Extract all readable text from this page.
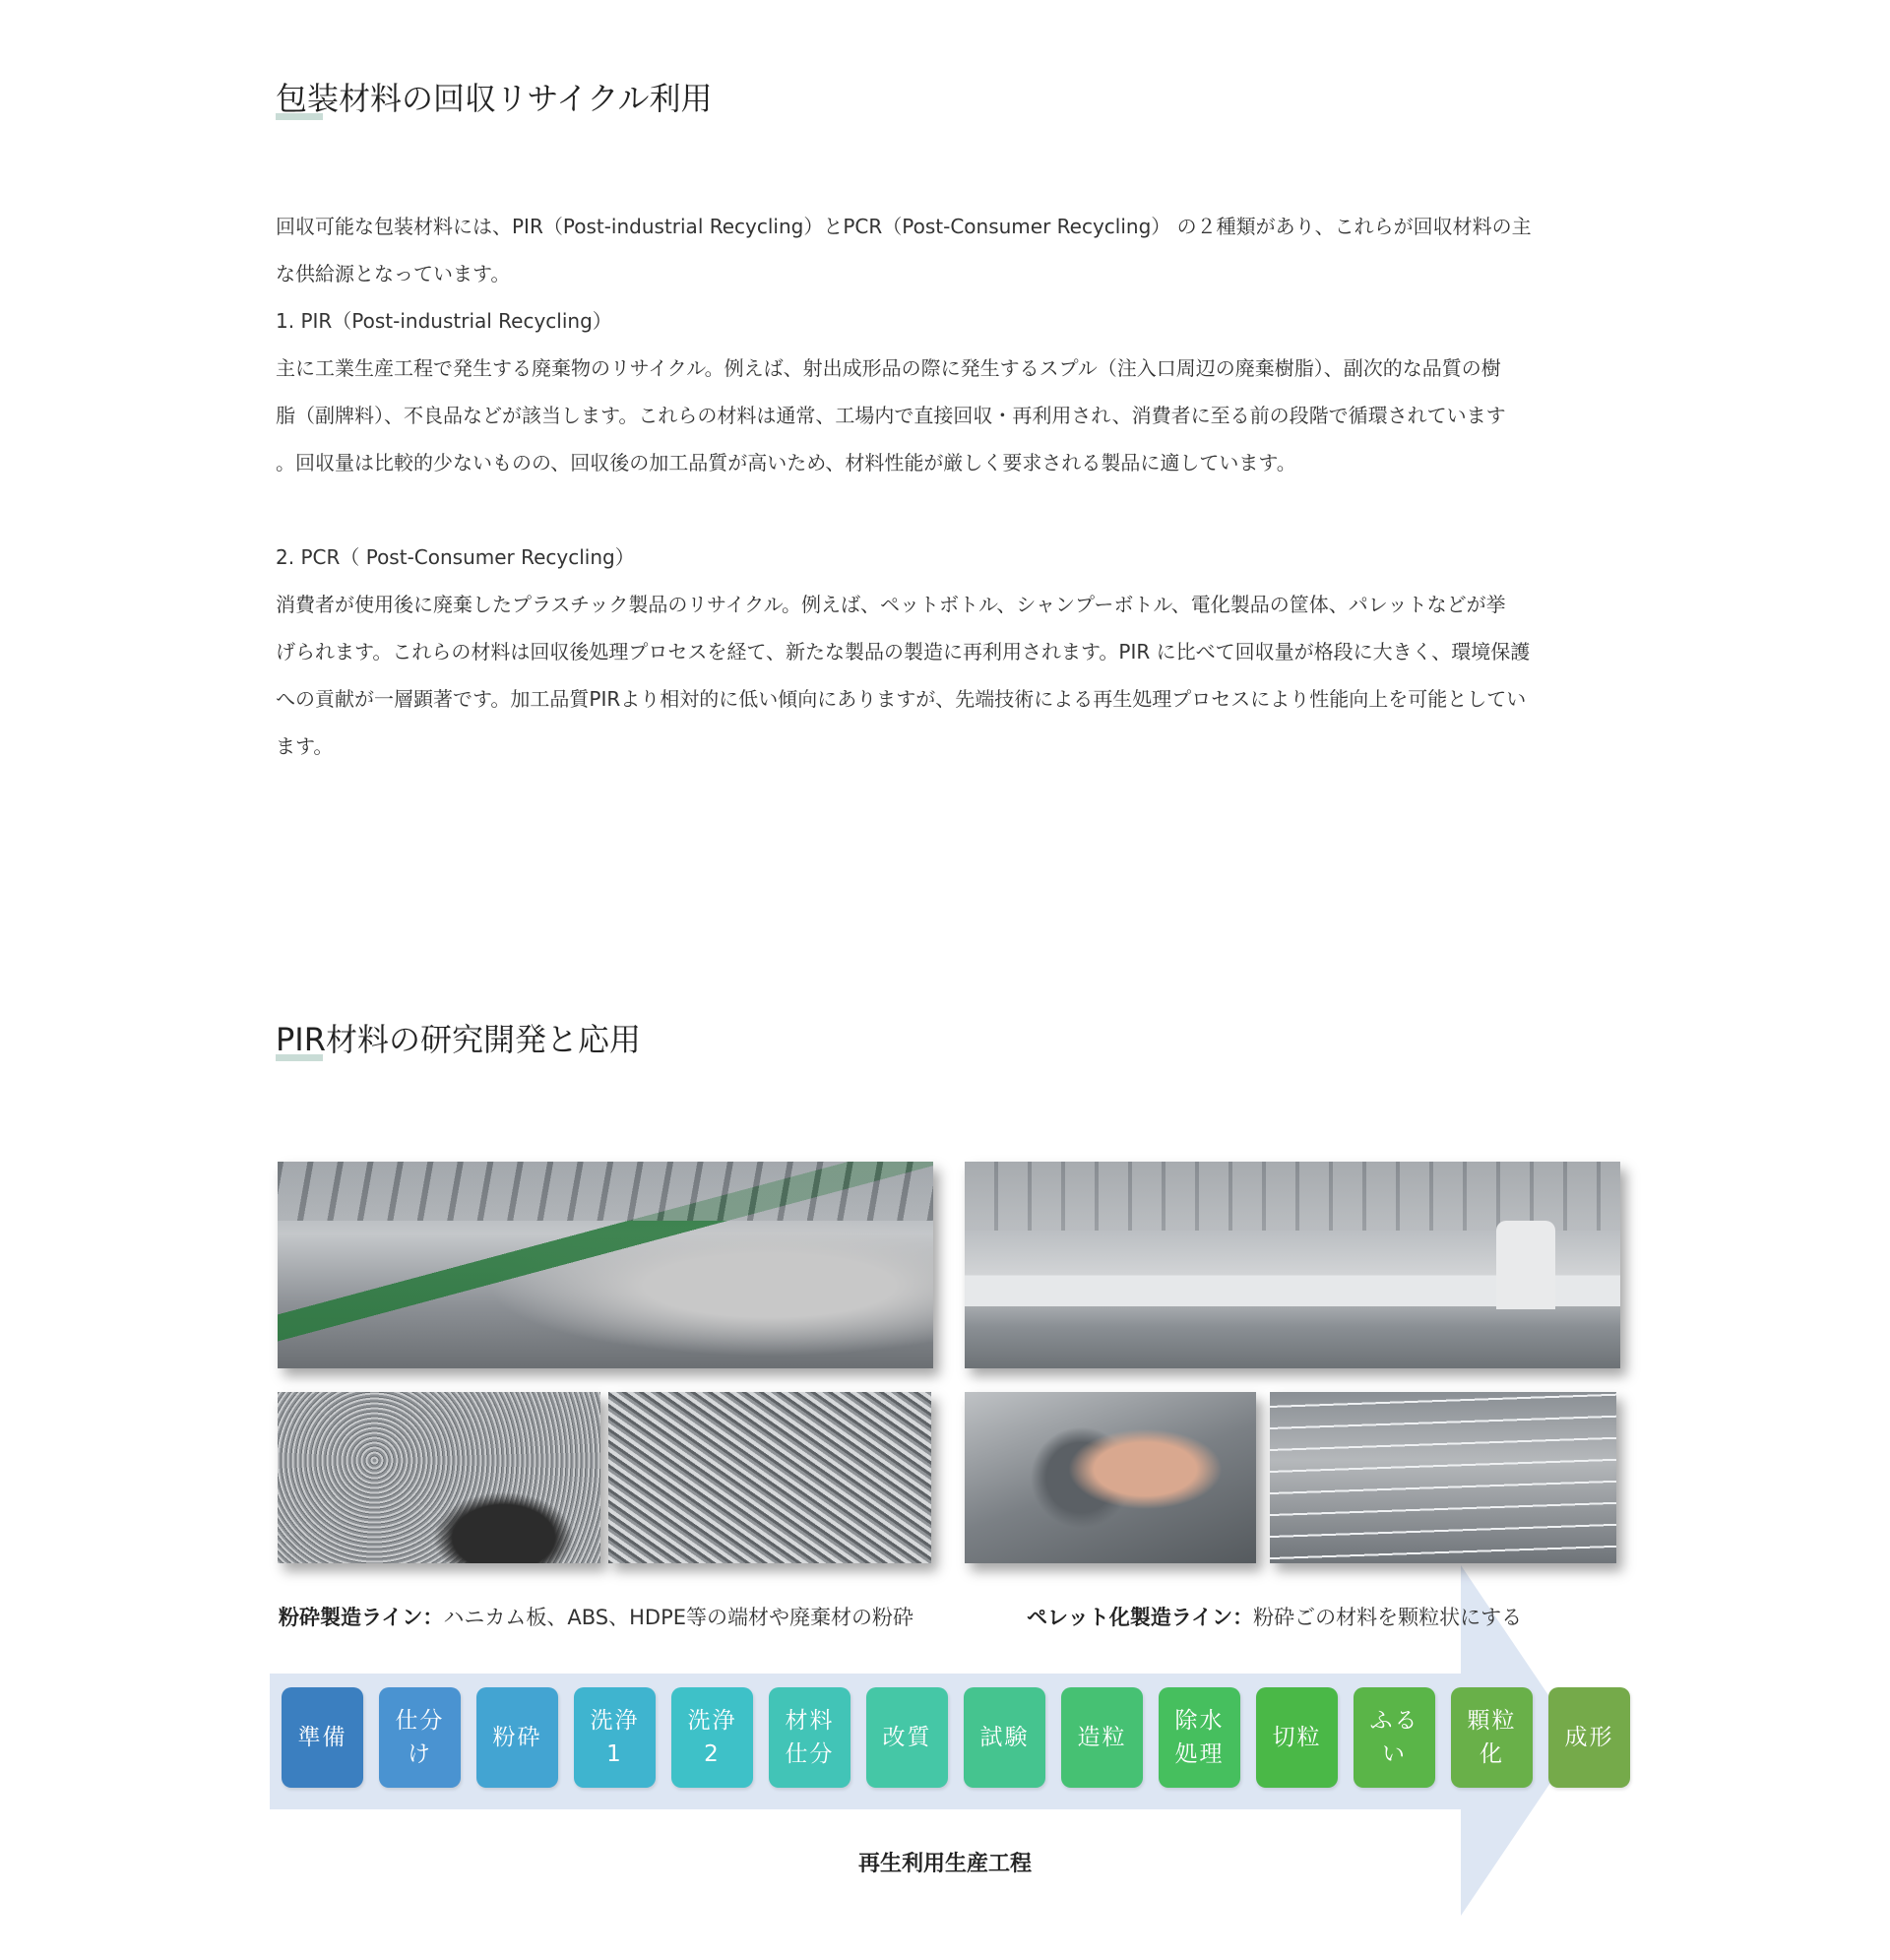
包装材料の回収リサイクル利用

回収可能な包装材料には、PIR（Post-industrial Recycling）とPCR（Post-Consumer Recycling） の２種類があり、これらが回収材料の主

な供給源となっています。

1. PIR（Post-industrial Recycling）

主に工業生産工程で発生する廃棄物のリサイクル。例えば、射出成形品の際に発生するスプル（注入口周辺の廃棄樹脂）、副次的な品質の樹

脂（副牌料）、不良品などが該当します。これらの材料は通常、工場内で直接回収・再利用され、消費者に至る前の段階で循環されています

。回収量は比較的少ないものの、回収後の加工品質が高いため、材料性能が厳しく要求される製品に適しています。

2. PCR（ Post-Consumer Recycling）

消費者が使用後に廃棄したプラスチック製品のリサイクル。例えば、ペットボトル、シャンプーボトル、電化製品の筐体、パレットなどが挙

げられます。これらの材料は回収後処理プロセスを経て、新たな製品の製造に再利用されます。PIR に比べて回収量が格段に大きく、環境保護

への貢献が一層顕著です。加工品質PIRより相対的に低い傾向にありますが、先端技術による再生処理プロセスにより性能向上を可能としてい

ます。

PIR材料の研究開発と応用
粉砕製造ライン：ハニカム板、ABS、HDPE等の端材や廃棄材の粉砕	ペレット化製造ライン：粉砕ごの材料を颗粒状にする
準備
仕分け
粉砕
洗浄1
洗浄2
材料仕分
改質 試験 造粒
除水処理
切粒
ふるい
顆粒化
成形

再生利用生産工程
